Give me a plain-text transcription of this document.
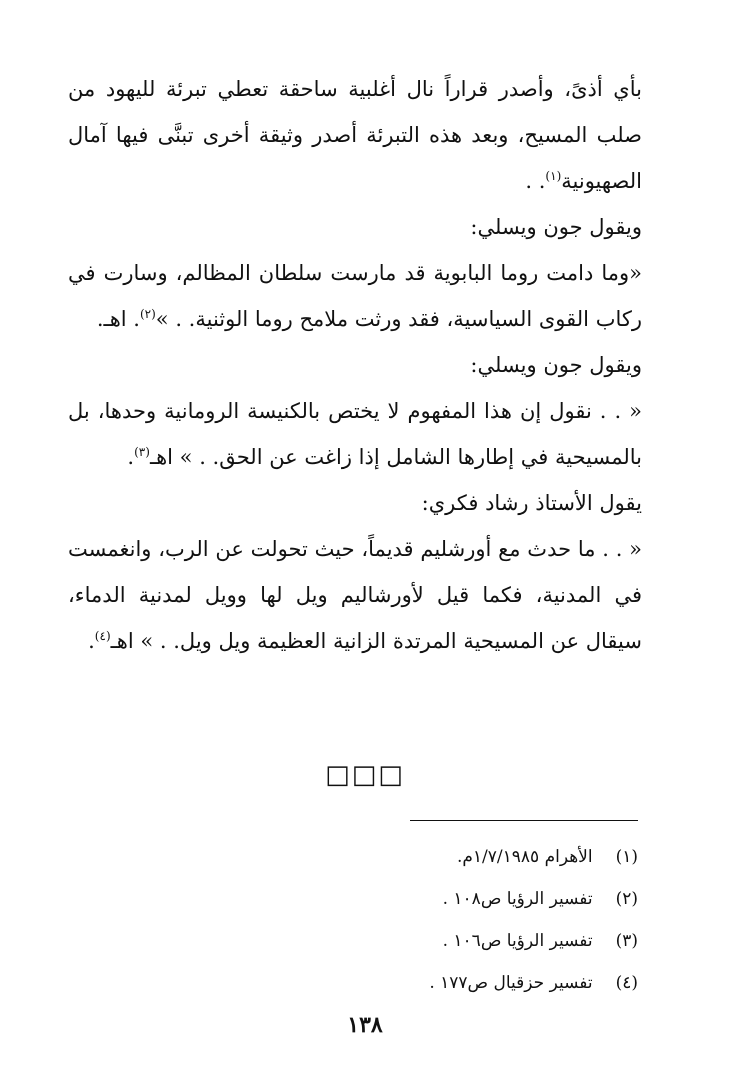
بأي أذىً، وأصدر قراراً نال أغلبية ساحقة تعطي تبرئة لليهود من صلب المسيح، وبعد هذه التبرئة أصدر وثيقة أخرى تبنَّى فيها آمال الصهيونية$^{(١)}$. .

ويقول جون ويسلي:

«وما دامت روما البابوية قد مارست سلطان المظالم، وسارت في ركاب القوى السياسية، فقد ورثت ملامح روما الوثنية. . »$^{(٢)}$. اهـ.

ويقول جون ويسلي:

« . . نقول إن هذا المفهوم لا يختص بالكنيسة الرومانية وحدها، بل بالمسيحية في إطارها الشامل إذا زاغت عن الحق. . » اهـ$^{(٣)}$.

يقول الأستاذ رشاد فكري:

« . . ما حدث مع أورشليم قديماً، حيث تحولت عن الرب، وانغمست في المدنية، فكما قيل لأورشاليم ويل لها وويل لمدنية الدماء، سيقال عن المسيحية المرتدة الزانية العظيمة ويل ويل. . » اهـ$^{(٤)}$.

□□□
(١) الأهرام ١/٧/١٩٨٥م.
(٢) تفسير الرؤيا ص١٠٨ .
(٣) تفسير الرؤيا ص١٠٦ .
(٤) تفسير حزقيال ص١٧٧ .
١٣٨
